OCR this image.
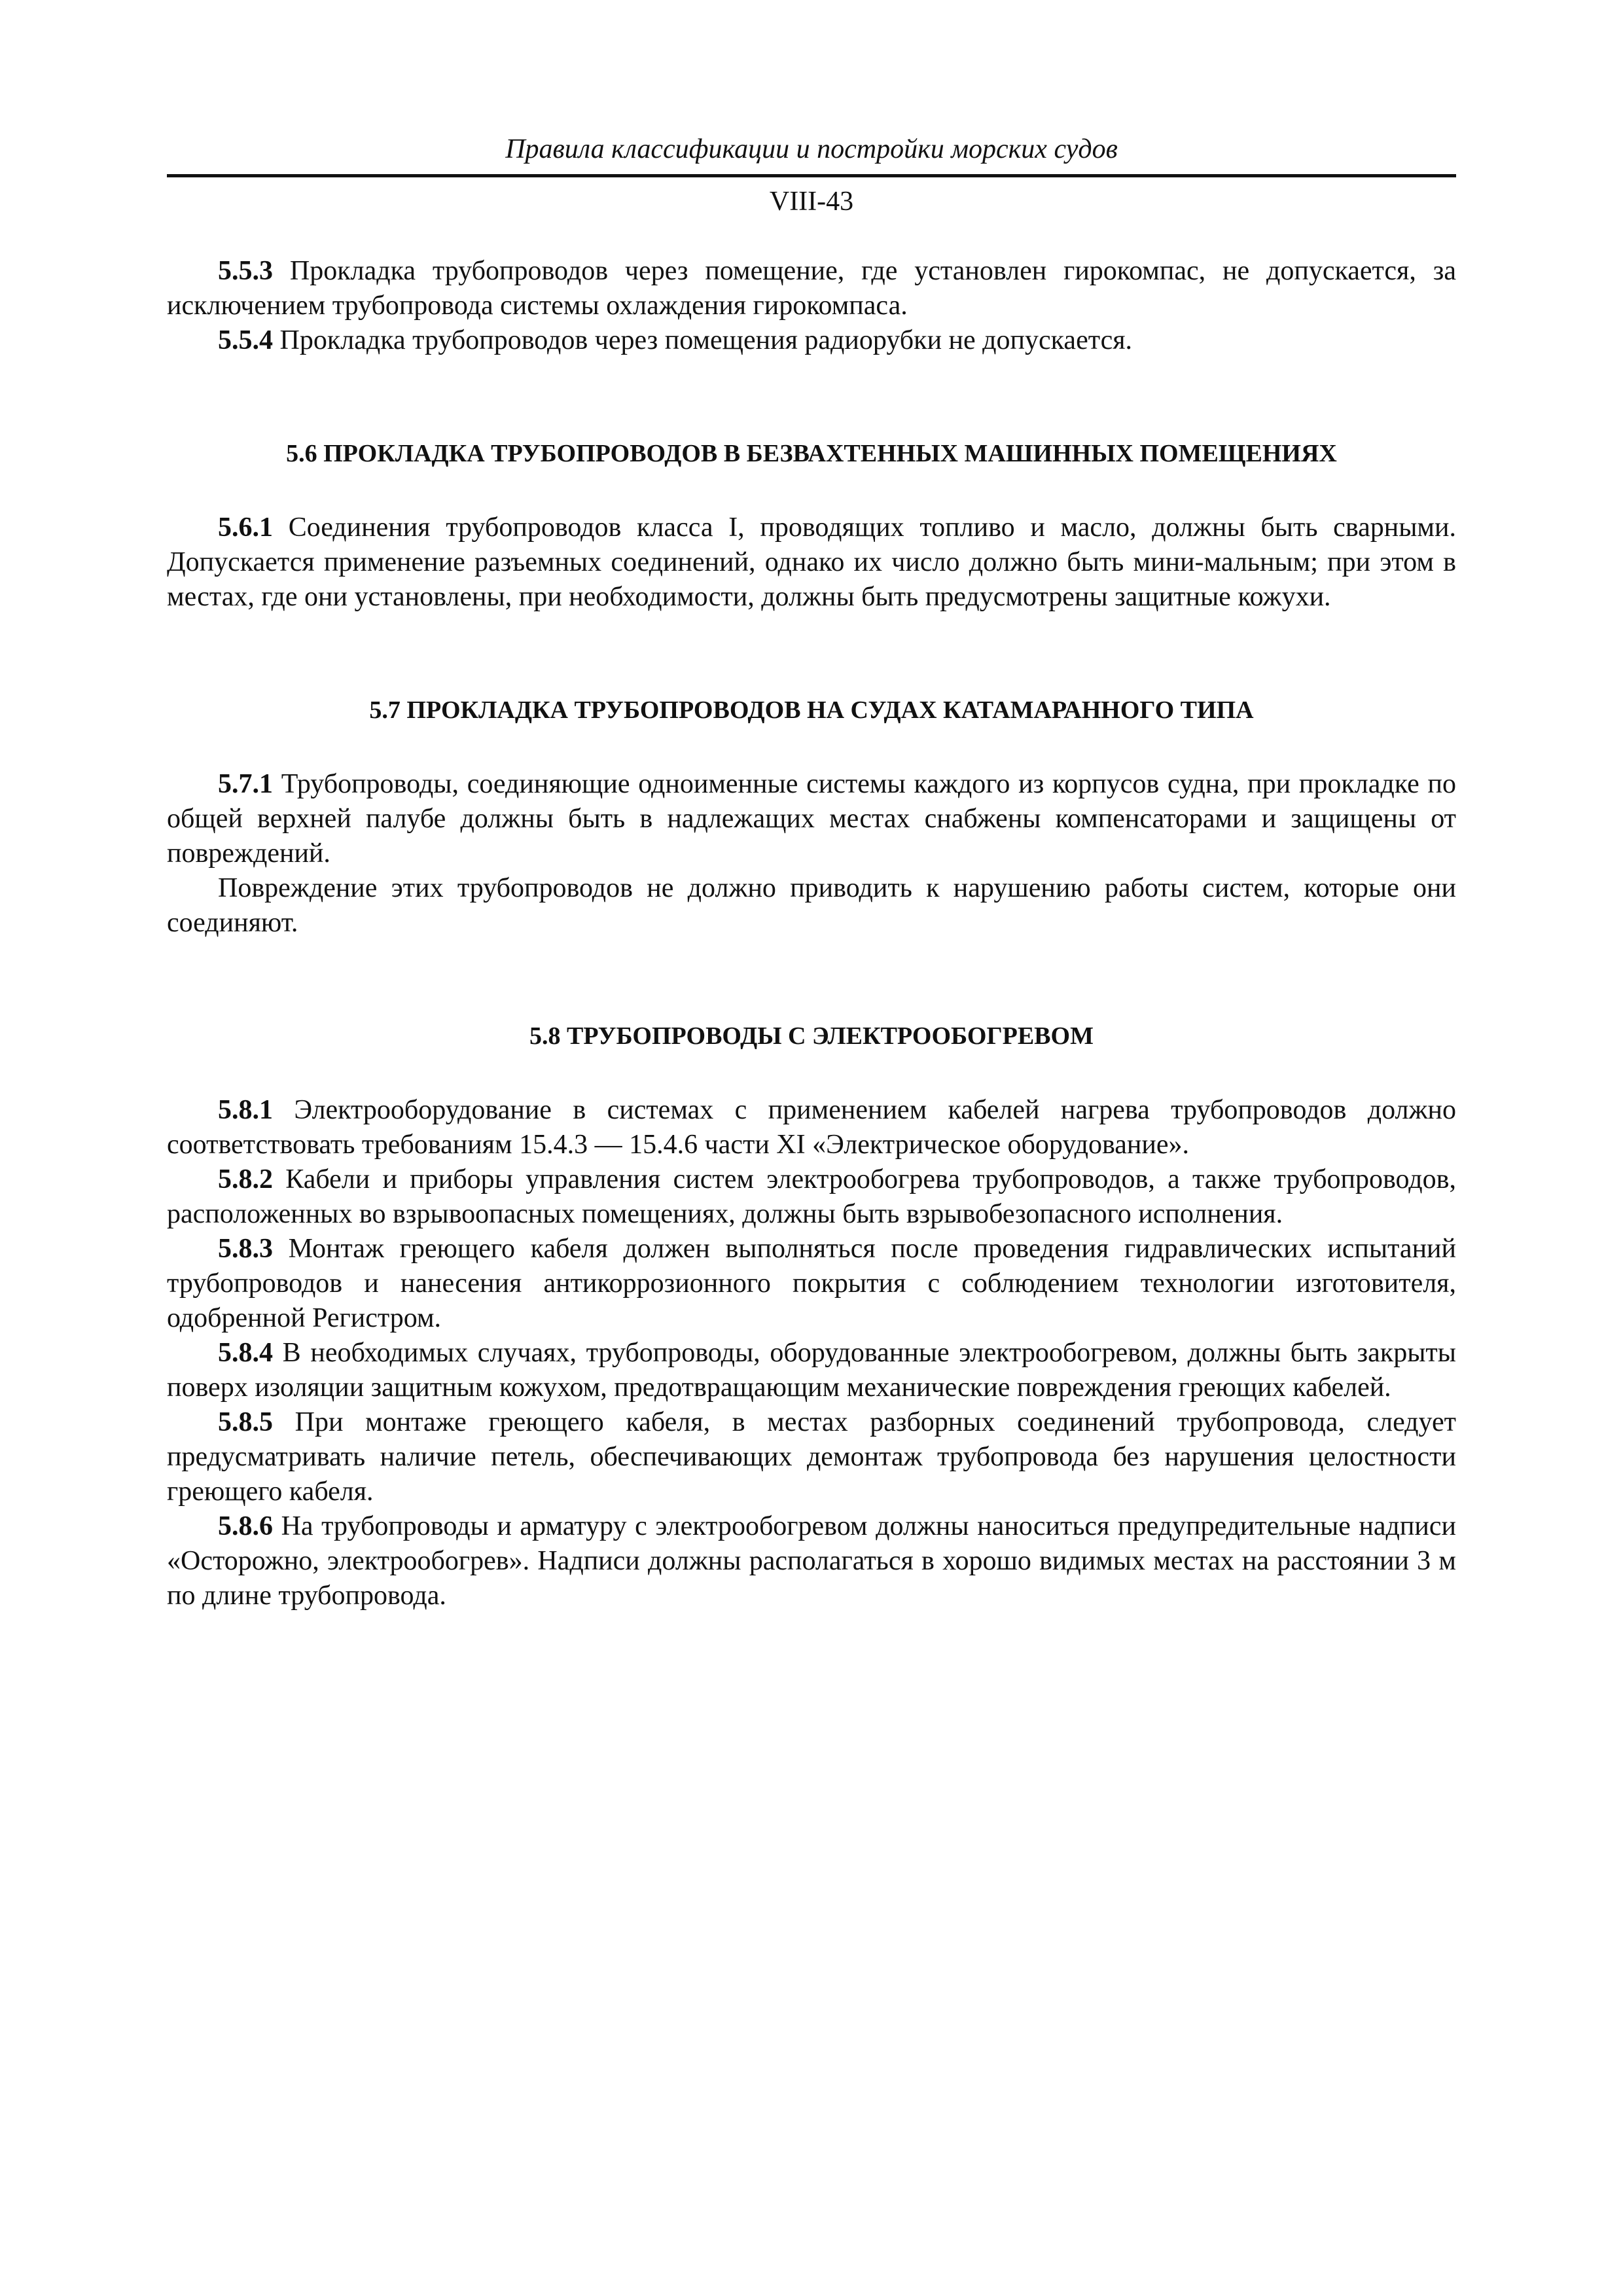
Правила классификации и постройки морских судов
VIII-43

5.5.3 Прокладка трубопроводов через помещение, где установлен гирокомпас, не допускается, за исключением трубопровода системы охлаждения гирокомпаса.

5.5.4 Прокладка трубопроводов через помещения радиорубки не допускается.

5.6 ПРОКЛАДКА ТРУБОПРОВОДОВ В БЕЗВАХТЕННЫХ МАШИННЫХ ПОМЕЩЕНИЯХ

5.6.1 Соединения трубопроводов класса I, проводящих топливо и масло, должны быть сварными. Допускается применение разъемных соединений, однако их число должно быть мини-мальным; при этом в местах, где они установлены, при необходимости, должны быть предусмотрены защитные кожухи.

5.7 ПРОКЛАДКА ТРУБОПРОВОДОВ НА СУДАХ КАТАМАРАННОГО ТИПА

5.7.1 Трубопроводы, соединяющие одноименные системы каждого из корпусов судна, при прокладке по общей верхней палубе должны быть в надлежащих местах снабжены компенсаторами и защищены от повреждений.

Повреждение этих трубопроводов не должно приводить к нарушению работы систем, которые они соединяют.

5.8 ТРУБОПРОВОДЫ С ЭЛЕКТРООБОГРЕВОМ

5.8.1 Электрооборудование в системах с применением кабелей нагрева трубопроводов должно соответствовать требованиям 15.4.3 — 15.4.6 части XI «Электрическое оборудование».

5.8.2 Кабели и приборы управления систем электрообогрева трубопроводов, а также трубопроводов, расположенных во взрывоопасных помещениях, должны быть взрывобезопасного исполнения.

5.8.3 Монтаж греющего кабеля должен выполняться после проведения гидравлических испытаний трубопроводов и нанесения антикоррозионного покрытия с соблюдением технологии изготовителя, одобренной Регистром.

5.8.4 В необходимых случаях, трубопроводы, оборудованные электрообогревом, должны быть закрыты поверх изоляции защитным кожухом, предотвращающим механические повреждения греющих кабелей.

5.8.5 При монтаже греющего кабеля, в местах разборных соединений трубопровода, следует предусматривать наличие петель, обеспечивающих демонтаж трубопровода без нарушения целостности греющего кабеля.

5.8.6 На трубопроводы и арматуру с электрообогревом должны наноситься предупредительные надписи «Осторожно, электрообогрев». Надписи должны располагаться в хорошо видимых местах на расстоянии 3 м по длине трубопровода.
